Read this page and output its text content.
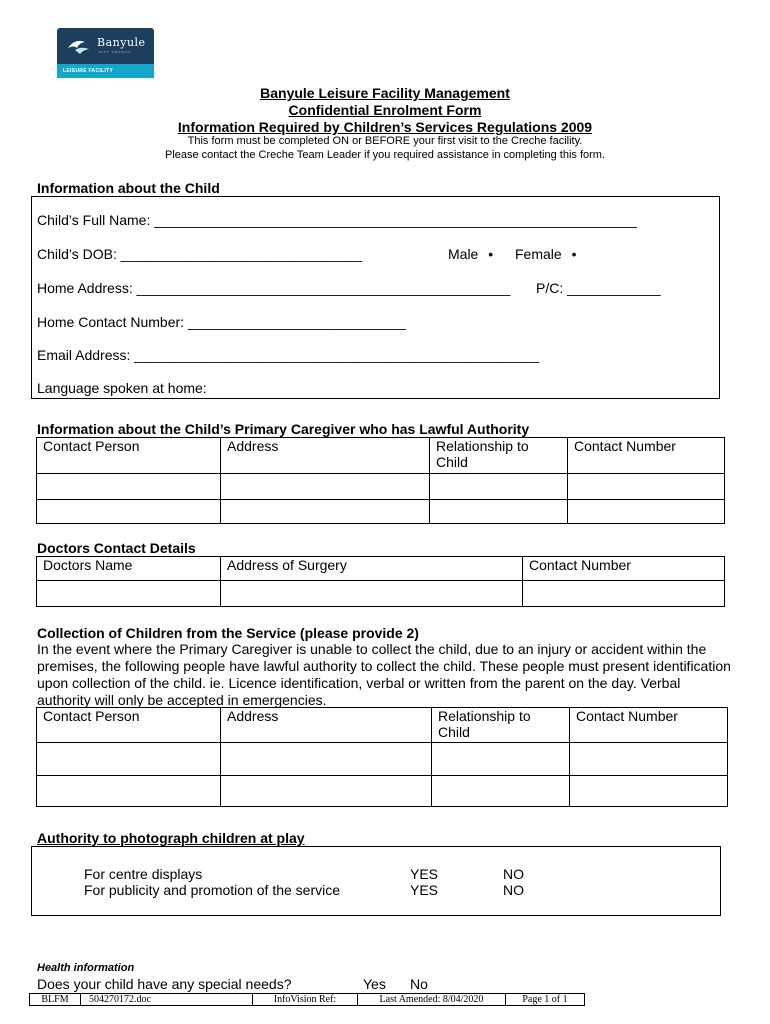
Banyule
CITY COUNCIL
LEISURE FACILITY MANAGEMENT	Banyule Leisure Facility Management
Confidential Enrolment Form
Information Required by Children’s Services Regulations 2009
This form must be completed ON or BEFORE your first visit to the Creche facility.
Please contact the Creche Team Leader if you required assistance in completing this form.
Information about the Child
Child’s Full Name: ______________________________________________________________
Child’s DOB: _______________________________	Male • Female •
Home Address: ________________________________________________ P/C: ____________
Home Contact Number: ____________________________
Email Address: ____________________________________________________
Language spoken at home:
Information about the Child’s Primary Caregiver who has Lawful Authority
Contact Person	Address	Relationship to Child	Contact Number

Doctors Contact Details
Doctors Name	Address of Surgery	Contact Number

Collection of Children from the Service (please provide 2)
In the event where the Primary Caregiver is unable to collect the child, due to an injury or accident within the premises, the following people have lawful authority to collect the child. These people must present identification upon collection of the child. ie. Licence identification, verbal or written from the parent on the day. Verbal authority will only be accepted in emergencies.
Contact Person	Address	Relationship to Child	Contact Number

Authority to photograph children at play
For centre displays	YES	NO
For publicity and promotion of the service	YES	NO
Health information
Does your child have any special needs?	Yes No
BLFM	504270172.doc	InfoVision Ref:	Last Amended: 8/04/2020	Page 1 of 1
